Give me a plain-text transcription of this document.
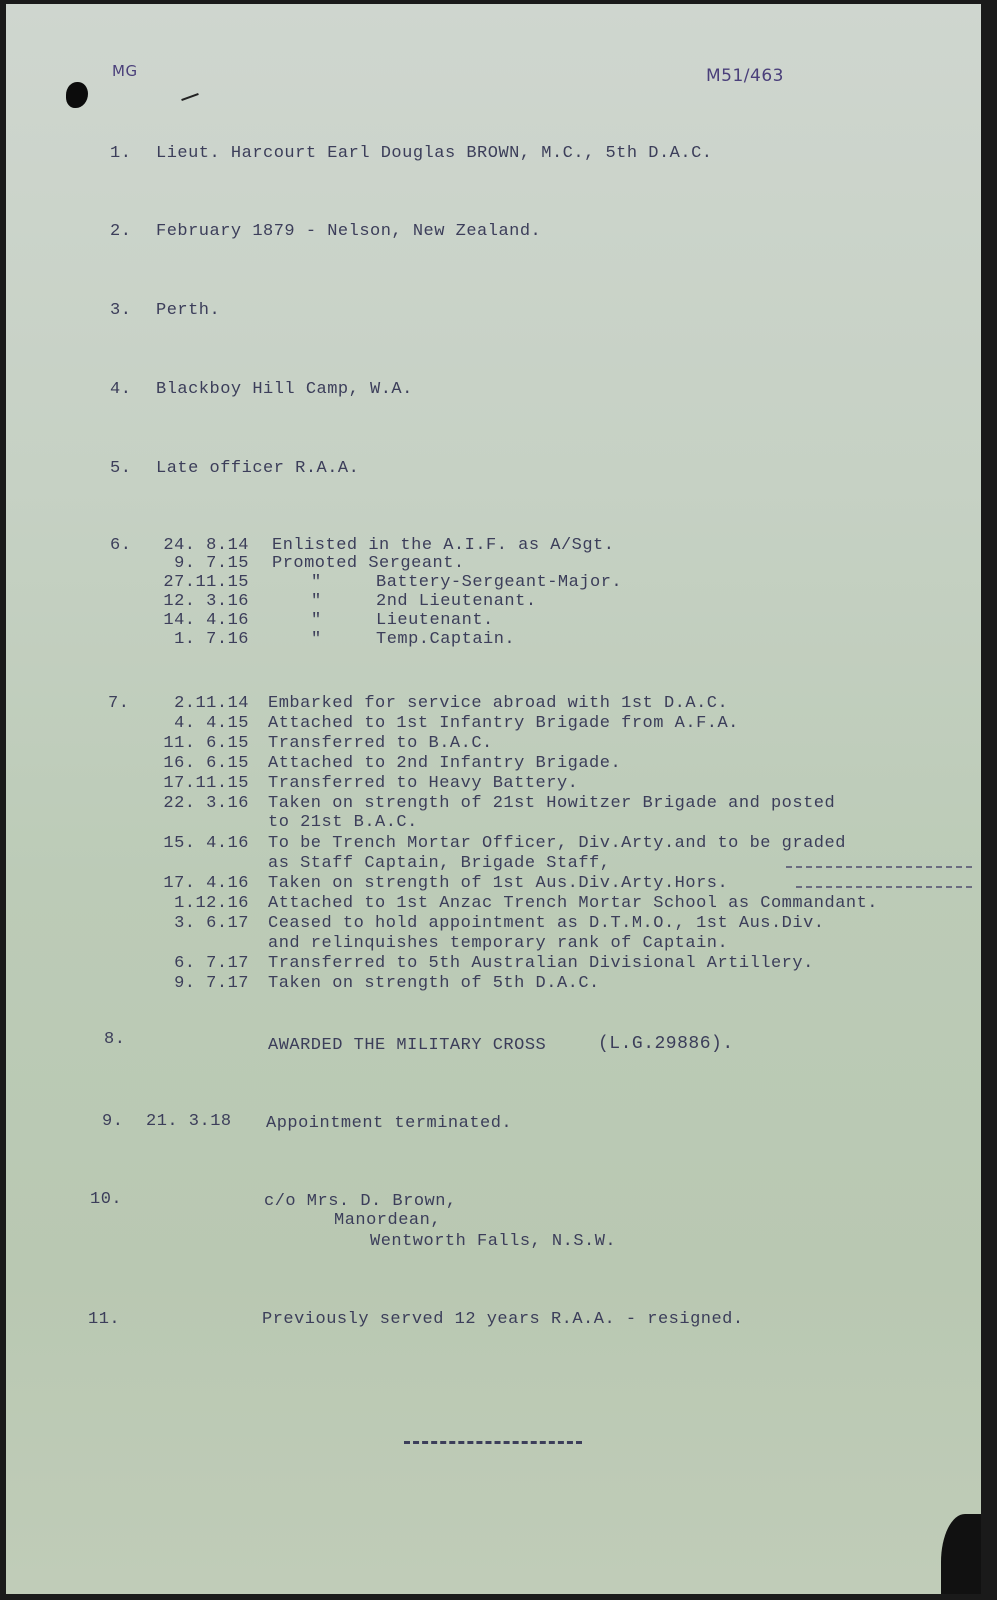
MG	M51/463
1. Lieut. Harcourt Earl Douglas BROWN, M.C., 5th D.A.C.
2. February 1879 - Nelson, New Zealand.
3. Perth.
4. Blackboy Hill Camp, W.A.
5. Late officer R.A.A.
6.	24. 8.14 Enlisted in the A.I.F. as A/Sgt.
9. 7.15 Promoted Sergeant.
27.11.15	"	Battery-Sergeant-Major.
12. 3.16	"	2nd Lieutenant.
14. 4.16	"	Lieutenant.
1. 7.16	"	Temp.Captain.
7.	2.11.14 Embarked for service abroad with 1st D.A.C.
4. 4.15 Attached to 1st Infantry Brigade from A.F.A.
11. 6.15 Transferred to B.A.C.
16. 6.15 Attached to 2nd Infantry Brigade.
17.11.15 Transferred to Heavy Battery.
22. 3.16 Taken on strength of 21st Howitzer Brigade and posted
to 21st B.A.C.
15. 4.16 To be Trench Mortar Officer, Div.Arty.and to be graded
as Staff Captain, Brigade Staff,
17. 4.16 Taken on strength of 1st Aus.Div.Arty.Hors.
1.12.16 Attached to 1st Anzac Trench Mortar School as Commandant.
3. 6.17 Ceased to hold appointment as D.T.M.O., 1st Aus.Div.
and relinquishes temporary rank of Captain.
6. 7.17 Transferred to 5th Australian Divisional Artillery.
9. 7.17 Taken on strength of 5th D.A.C.
8.	AWARDED THE MILITARY CROSS	(L.G.29886).
9. 21. 3.18 Appointment terminated.
10.	c/o Mrs. D. Brown,
Manordean,
Wentworth Falls, N.S.W.
11.	Previously served 12 years R.A.A. - resigned.
